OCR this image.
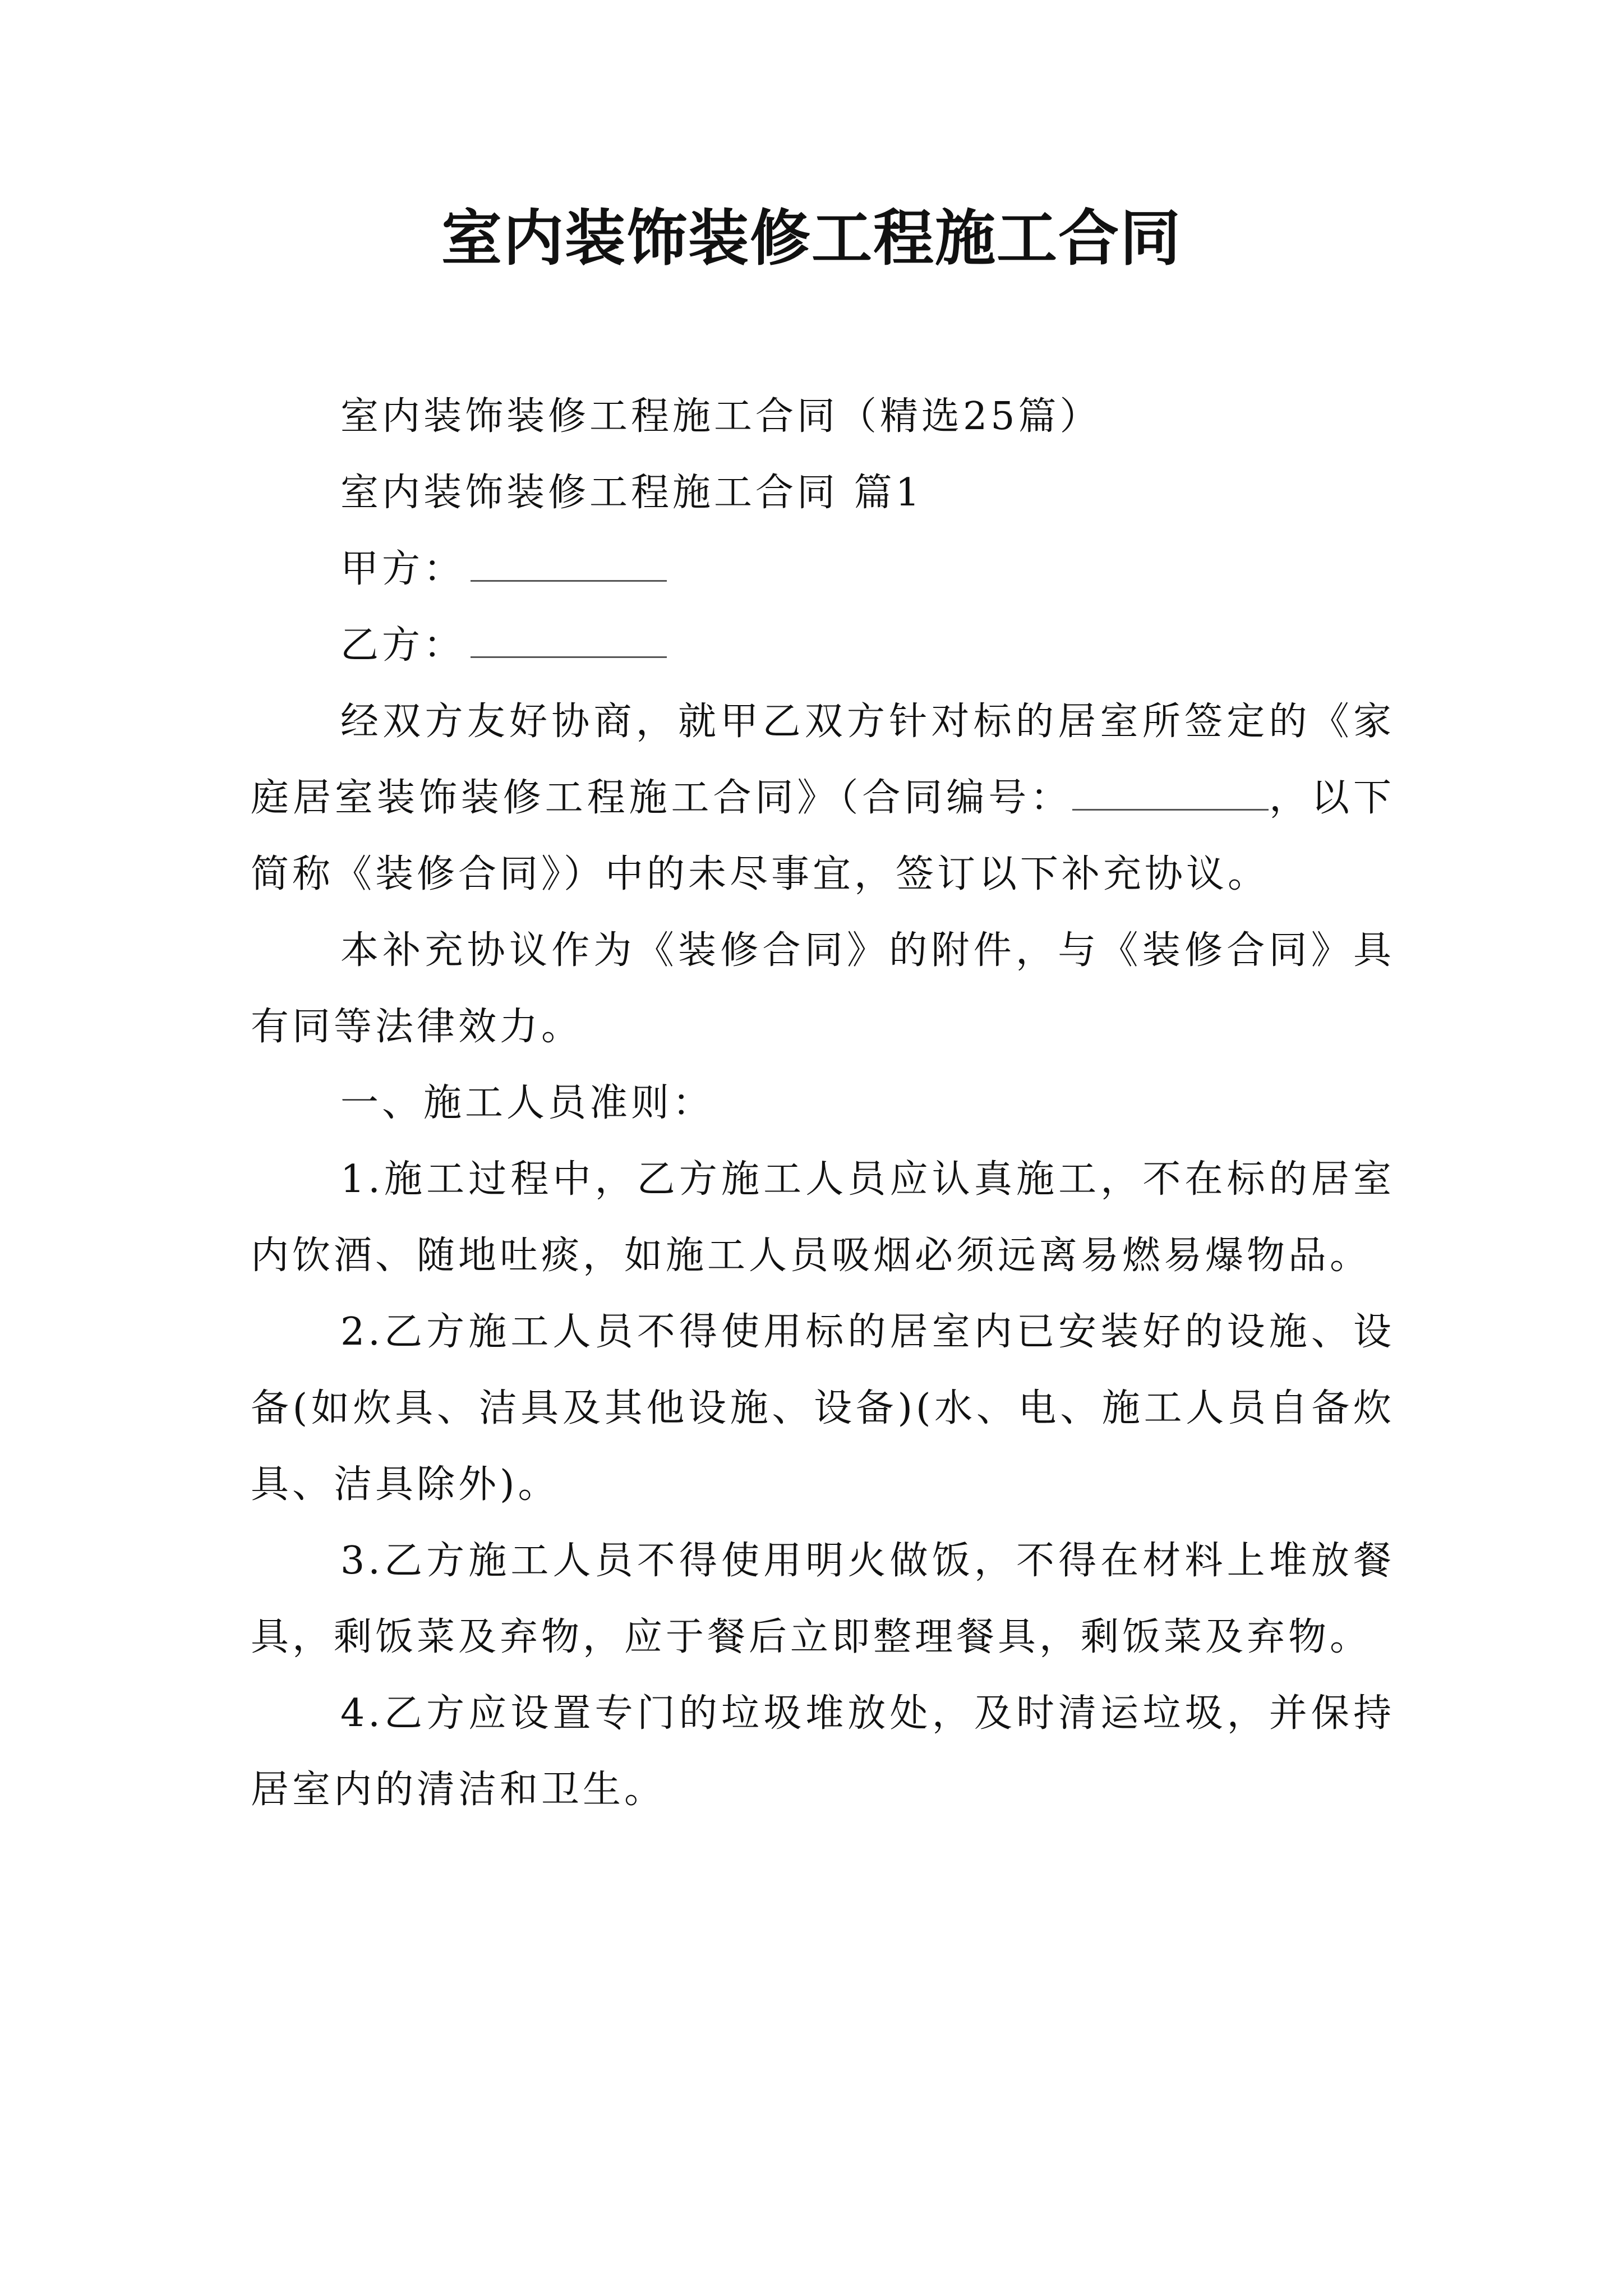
室内装饰装修工程施工合同

室内装饰装修工程施工合同（精选25篇）

室内装饰装修工程施工合同 篇1

甲方：

乙方：

经双方友好协商，就甲乙双方针对标的居室所签定的《家庭居室装饰装修工程施工合同》（合同编号：	，以下简称《装修合同》）中的未尽事宜，签订以下补充协议。

本补充协议作为《装修合同》的附件，与《装修合同》具有同等法律效力。

一、施工人员准则：

1.施工过程中，乙方施工人员应认真施工，不在标的居室内饮酒、随地吐痰，如施工人员吸烟必须远离易燃易爆物品。

2.乙方施工人员不得使用标的居室内已安装好的设施、设备(如炊具、洁具及其他设施、设备)(水、电、施工人员自备炊具、洁具除外)。

3.乙方施工人员不得使用明火做饭，不得在材料上堆放餐具，剩饭菜及弃物，应于餐后立即整理餐具，剩饭菜及弃物。

4.乙方应设置专门的垃圾堆放处，及时清运垃圾，并保持居室内的清洁和卫生。
